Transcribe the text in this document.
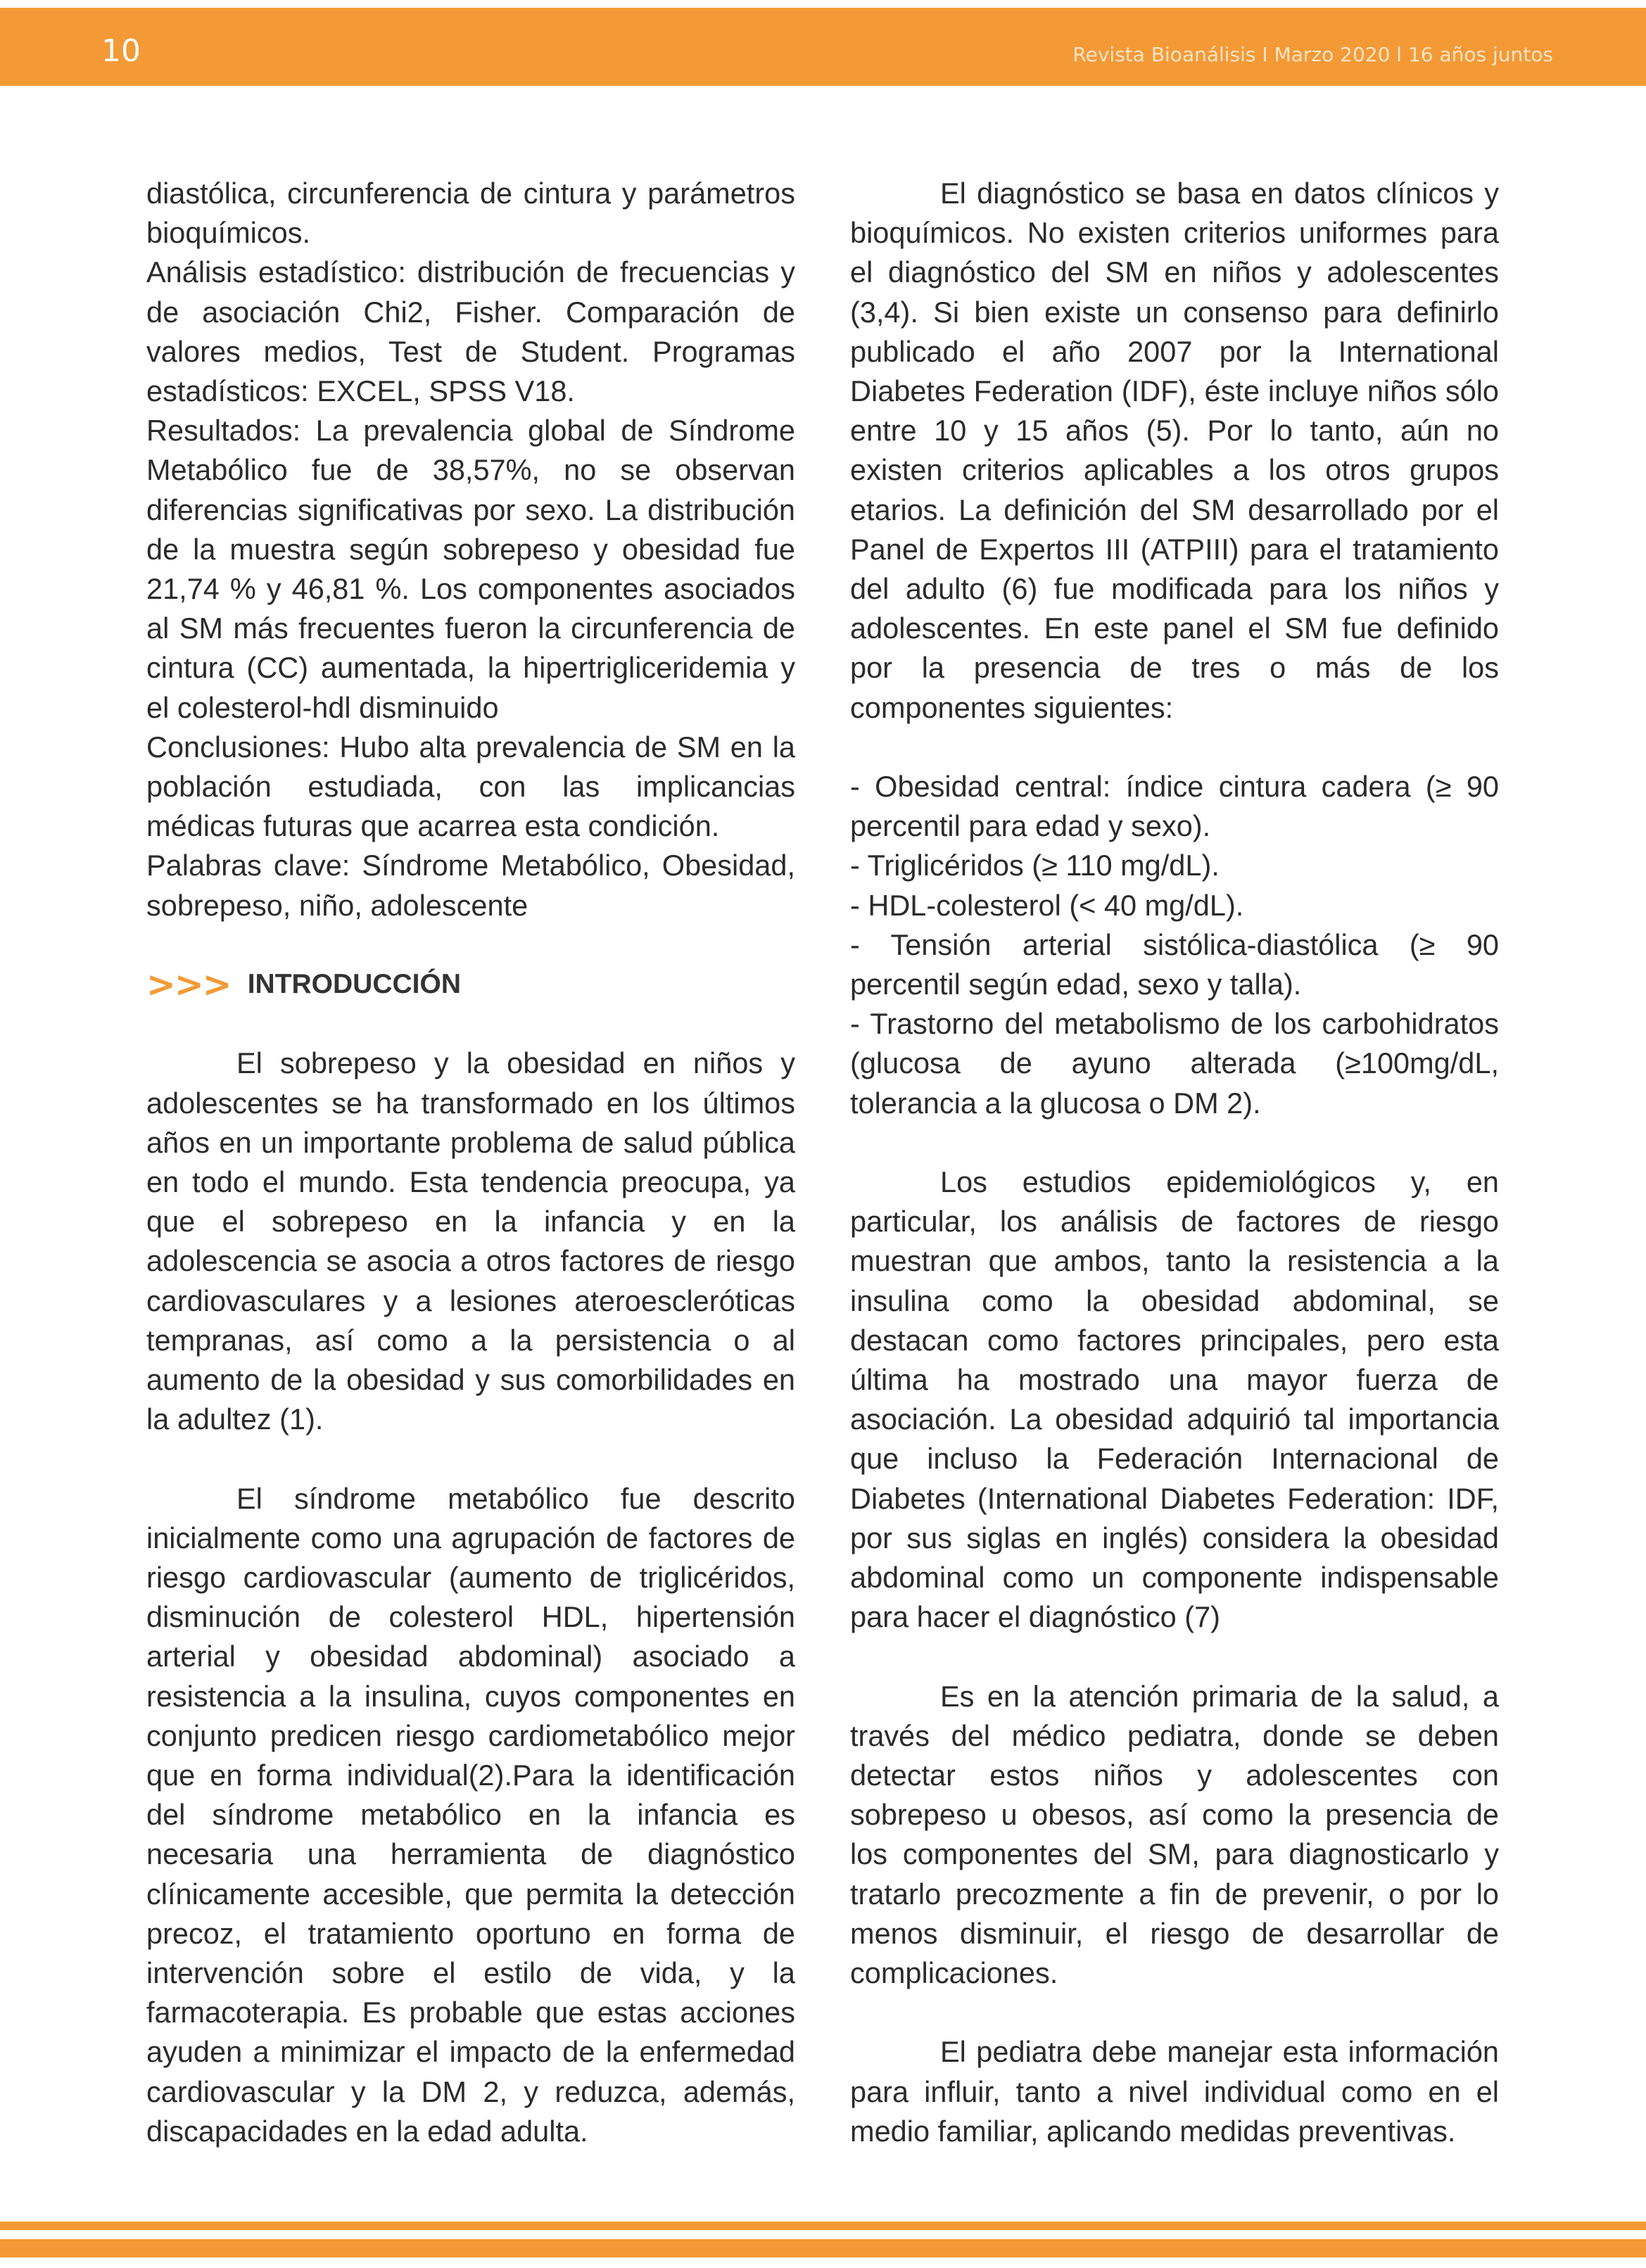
10	Revista Bioanálisis I Marzo 2020 l 16 años juntos

diastólica, circunferencia de cintura y parámetros bioquímicos.

Análisis estadístico: distribución de frecuencias y de asociación Chi2, Fisher. Comparación de valores medios, Test de Student. Programas estadísticos: EXCEL, SPSS V18.

Resultados: La prevalencia global de Síndrome Metabólico fue de 38,57%, no se observan diferencias significativas por sexo. La distribución de la muestra según sobrepeso y obesidad fue 21,74 % y 46,81 %. Los componentes asociados al SM más frecuentes fueron la circunferencia de cintura (CC) aumentada, la hipertrigliceridemia y el colesterol-hdl disminuido

Conclusiones: Hubo alta prevalencia de SM en la población estudiada, con las implicancias médicas futuras que acarrea esta condición.

Palabras clave: Síndrome Metabólico, Obesidad, sobrepeso, niño, adolescente

>>> INTRODUCCIÓN

El sobrepeso y la obesidad en niños y adolescentes se ha transformado en los últimos años en un importante problema de salud pública en todo el mundo. Esta tendencia preocupa, ya que el sobrepeso en la infancia y en la adolescencia se asocia a otros factores de riesgo cardiovasculares y a lesiones ateroescleróticas tempranas, así como a la persistencia o al aumento de la obesidad y sus comorbilidades en la adultez (1).

El síndrome metabólico fue descrito inicialmente como una agrupación de factores de riesgo cardiovascular (aumento de triglicéridos, disminución de colesterol HDL, hipertensión arterial y obesidad abdominal) asociado a resistencia a la insulina, cuyos componentes en conjunto predicen riesgo cardiometabólico mejor que en forma individual(2).Para la identificación del síndrome metabólico en la infancia es necesaria una herramienta de diagnóstico clínicamente accesible, que permita la detección precoz, el tratamiento oportuno en forma de intervención sobre el estilo de vida, y la farmacoterapia. Es probable que estas acciones ayuden a minimizar el impacto de la enfermedad cardiovascular y la DM 2, y reduzca, además, discapacidades en la edad adulta.

El diagnóstico se basa en datos clínicos y bioquímicos. No existen criterios uniformes para el diagnóstico del SM en niños y adolescentes (3,4). Si bien existe un consenso para definirlo publicado el año 2007 por la International Diabetes Federation (IDF), éste incluye niños sólo entre 10 y 15 años (5). Por lo tanto, aún no existen criterios aplicables a los otros grupos etarios. La definición del SM desarrollado por el Panel de Expertos III (ATPIII) para el tratamiento del adulto (6) fue modificada para los niños y adolescentes. En este panel el SM fue definido por la presencia de tres o más de los componentes siguientes:

- Obesidad central: índice cintura cadera (≥ 90 percentil para edad y sexo).

- Triglicéridos (≥ 110 mg/dL).

- HDL-colesterol (< 40 mg/dL).

- Tensión arterial sistólica-diastólica (≥ 90 percentil según edad, sexo y talla).

- Trastorno del metabolismo de los carbohidratos (glucosa de ayuno alterada (≥100mg/dL, tolerancia a la glucosa o DM 2).

Los estudios epidemiológicos y, en particular, los análisis de factores de riesgo muestran que ambos, tanto la resistencia a la insulina como la obesidad abdominal, se destacan como factores principales, pero esta última ha mostrado una mayor fuerza de asociación. La obesidad adquirió tal importancia que incluso la Federación Internacional de Diabetes (International Diabetes Federation: IDF, por sus siglas en inglés) considera la obesidad abdominal como un componente indispensable para hacer el diagnóstico (7)

Es en la atención primaria de la salud, a través del médico pediatra, donde se deben detectar estos niños y adolescentes con sobrepeso u obesos, así como la presencia de los componentes del SM, para diagnosticarlo y tratarlo precozmente a fin de prevenir, o por lo menos disminuir, el riesgo de desarrollar de complicaciones.

El pediatra debe manejar esta información para influir, tanto a nivel individual como en el medio familiar, aplicando medidas preventivas.
